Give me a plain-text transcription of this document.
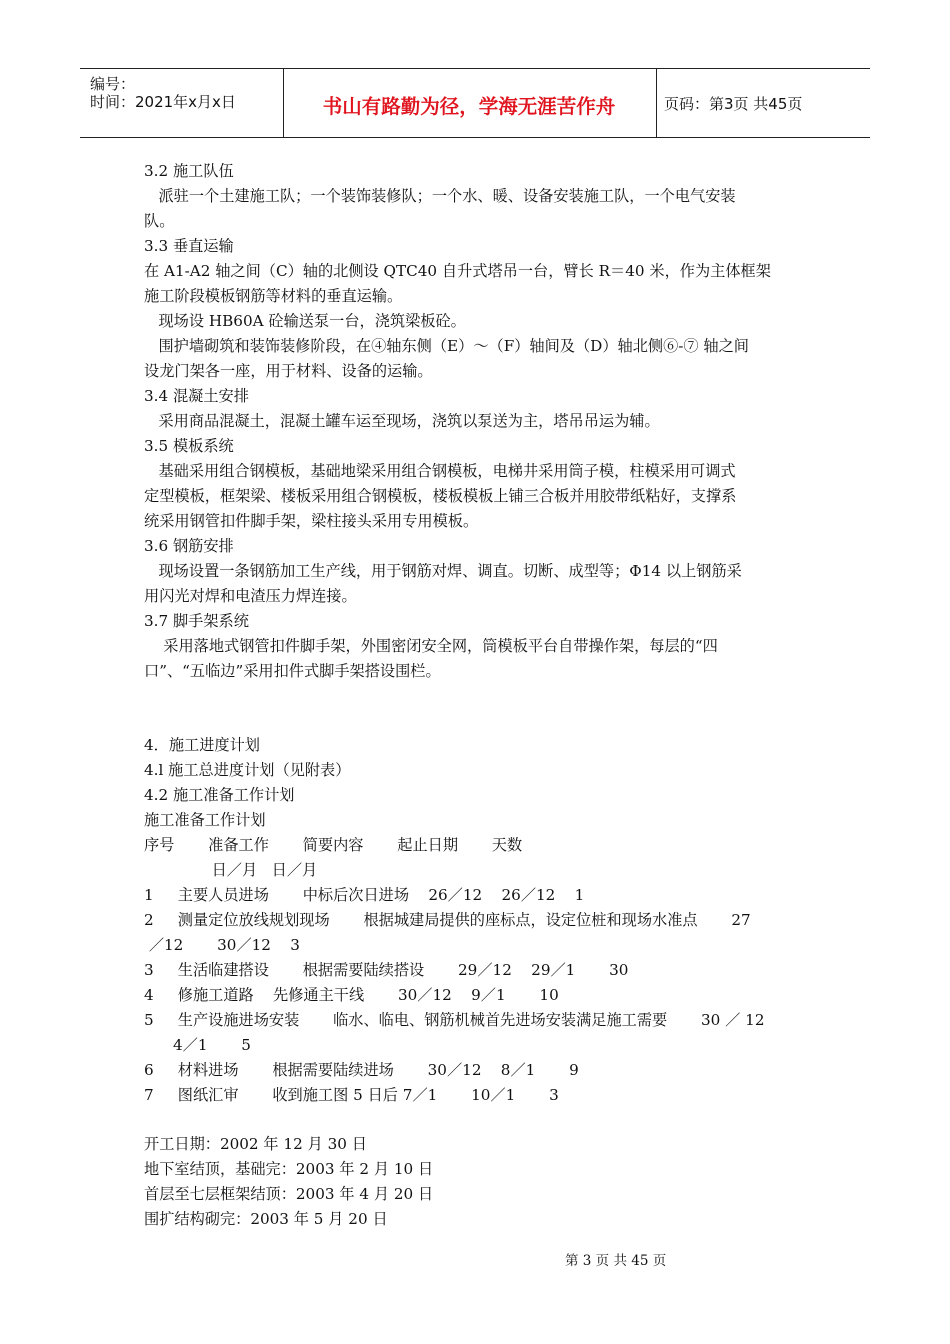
编号：
时间：2021年x月x日	书山有路勤为径，学海无涯苦作舟	页码：第3页 共45页
3.2 施工队伍
派驻一个土建施工队；一个装饰装修队；一个水、暖、设备安装施工队，一个电气安装
队。
3.3 垂直运输
在 A1-A2 轴之间（C）轴的北侧设 QTC40 自升式塔吊一台，臂长 R＝40 米，作为主体框架
施工阶段模板钢筋等材料的垂直运输。
现场设 HB60A 砼输送泵一台，浇筑梁板砼。
围护墙砌筑和装饰装修阶段，在④轴东侧（E）～（F）轴间及（D）轴北侧⑥-⑦ 轴之间
设龙门架各一座，用于材料、设备的运输。
3.4 混凝土安排
采用商品混凝土，混凝土罐车运至现场，浇筑以泵送为主，塔吊吊运为辅。
3.5 模板系统
基础采用组合钢模板，基础地梁采用组合钢模板，电梯井采用筒子模，柱模采用可调式
定型模板，框架梁、楼板采用组合钢模板，楼板模板上铺三合板并用胶带纸粘好，支撑系
统采用钢管扣件脚手架，梁柱接头采用专用模板。
3.6 钢筋安排
现场设置一条钢筋加工生产线，用于钢筋对焊、调直。切断、成型等；Φ14 以上钢筋采
用闪光对焊和电渣压力焊连接。
3.7 脚手架系统
采用落地式钢管扣件脚手架，外围密闭安全网，筒模板平台自带操作架，每层的“四
口”、“五临边”采用扣件式脚手架搭设围栏。
4．施工进度计划
4.l 施工总进度计划（见附表）
4.2 施工准备工作计划
施工准备工作计划
序号       准备工作       简要内容       起止日期       天数
日／月   日／月
1     主要人员进场       中标后次日进场    26／12    26／12    1
2     测量定位放线规划现场       根据城建局提供的座标点，设定位桩和现场水准点       27
／12       30／12    3
3     生活临建搭设       根据需要陆续搭设       29／12    29／1       30
4     修施工道路    先修通主干线       30／12    9／1       10
5     生产设施进场安装       临水、临电、钢筋机械首先进场安装满足施工需要       30 ／ 12
4／1       5
6     材料进场       根据需要陆续进场       30／12    8／1       9
7     图纸汇审       收到施工图 5 日后 7／1       10／1       3
开工日期：2002 年 12 月 30 日
地下室结顶，基础完：2003 年 2 月 10 日
首层至七层框架结顶：2003 年 4 月 20 日
围扩结构砌完：2003 年 5 月 20 日
第 3 页 共 45 页
